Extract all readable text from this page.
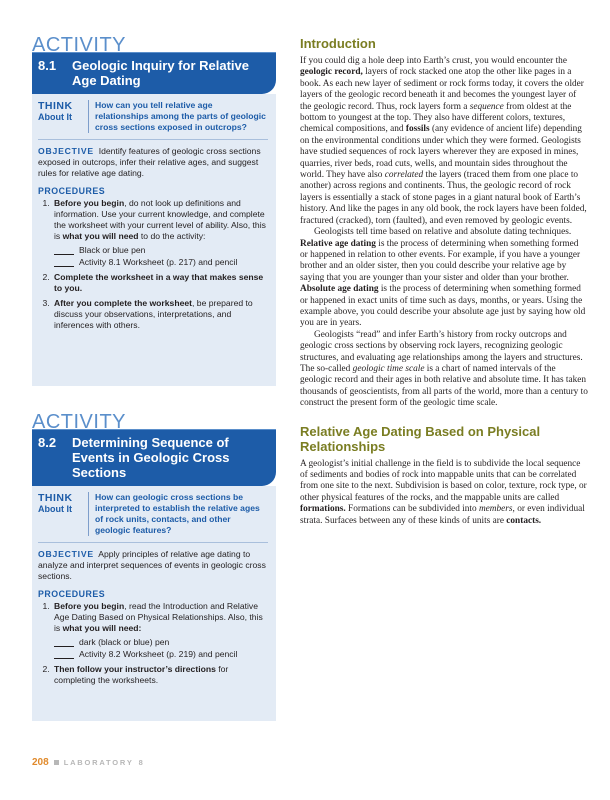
ACTIVITY
8.1	Geologic Inquiry for Relative Age Dating
THINK
About It
How can you tell relative age relationships among the parts of geologic cross sections exposed in outcrops?
OBJECTIVE Identify features of geologic cross sections exposed in outcrops, infer their relative ages, and suggest rules for relative age dating.
PROCEDURES
1. Before you begin, do not look up definitions and information. Use your current knowledge, and complete the worksheet with your current level of ability. Also, this is what you will need to do the activity:
Black or blue pen
Activity 8.1 Worksheet (p. 217) and pencil
2. Complete the worksheet in a way that makes sense to you.
3. After you complete the worksheet, be prepared to discuss your observations, interpretations, and inferences with others.
ACTIVITY
8.2	Determining Sequence of Events in Geologic Cross Sections
THINK
About It
How can geologic cross sections be interpreted to establish the relative ages of rock units, contacts, and other geologic features?
OBJECTIVE Apply principles of relative age dating to analyze and interpret sequences of events in geologic cross sections.
PROCEDURES
1. Before you begin, read the Introduction and Relative Age Dating Based on Physical Relationships. Also, this is what you will need:
dark (black or blue) pen
Activity 8.2 Worksheet (p. 219) and pencil
2. Then follow your instructor’s directions for completing the worksheets.
Introduction

If you could dig a hole deep into Earth’s crust, you would encounter the geologic record, layers of rock stacked one atop the other like pages in a book. As each new layer of sediment or rock forms today, it covers the older layers of the geologic record beneath it and becomes the youngest layer of the geologic record. Thus, rock layers form a sequence from oldest at the bottom to youngest at the top. They also have different colors, textures, chemical compositions, and fossils (any evidence of ancient life) depending on the environmental conditions under which they were formed. Geologists have studied sequences of rock layers wherever they are exposed in mines, quarries, river beds, road cuts, wells, and mountain sides throughout the world. They have also correlated the layers (traced them from one place to another) across regions and continents. Thus, the geologic record of rock layers is essentially a stack of stone pages in a giant natural book of Earth’s history. And like the pages in any old book, the rock layers have been folded, fractured (cracked), torn (faulted), and even removed by geologic events.

Geologists tell time based on relative and absolute dating techniques. Relative age dating is the process of determining when something formed or happened in relation to other events. For example, if you have a younger brother and an older sister, then you could describe your relative age by saying that you are younger than your sister and older than your brother. Absolute age dating is the process of determining when something formed or happened in exact units of time such as days, months, or years. Using the example above, you could describe your absolute age just by saying how old you are in years.

Geologists “read” and infer Earth’s history from rocky outcrops and geologic cross sections by observing rock layers, recognizing geologic structures, and evaluating age relationships among the layers and structures. The so-called geologic time scale is a chart of named intervals of the geologic record and their ages in both relative and absolute time. It has taken thousands of geoscientists, from all parts of the world, more than a century to construct the present form of the geologic time scale.

Relative Age Dating Based on Physical Relationships

A geologist’s initial challenge in the field is to subdivide the local sequence of sediments and bodies of rock into mappable units that can be correlated from one site to the next. Subdivision is based on color, texture, rock type, or other physical features of the rocks, and the mappable units are called formations. Formations can be subdivided into members, or even individual strata. Surfaces between any of these kinds of units are contacts.

208 LABORATORY 8
